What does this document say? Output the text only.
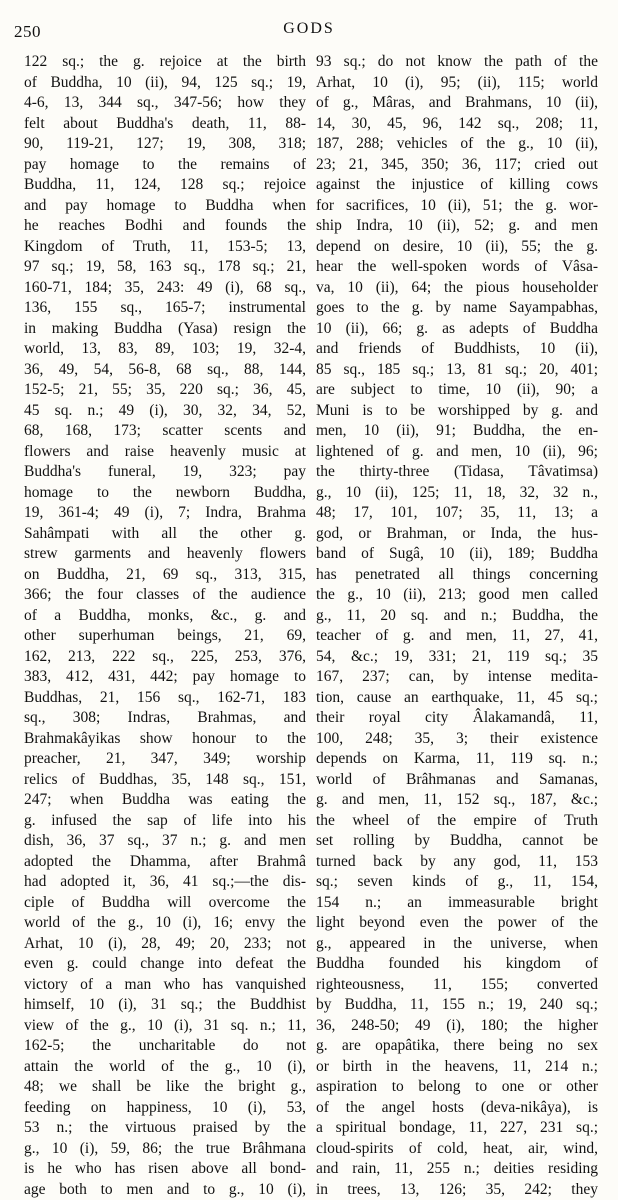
250	GODS
122 sq.; the g. rejoice at the birth
of Buddha, 10 (ii), 94, 125 sq.; 19,
4-6, 13, 344 sq., 347-56; how they
felt about Buddha's death, 11, 88-
90, 119-21, 127; 19, 308, 318;
pay homage to the remains of
Buddha, 11, 124, 128 sq.; rejoice
and pay homage to Buddha when
he reaches Bodhi and founds the
Kingdom of Truth, 11, 153-5; 13,
97 sq.; 19, 58, 163 sq., 178 sq.; 21,
160-71, 184; 35, 243: 49 (i), 68 sq.,
136, 155 sq., 165-7; instrumental
in making Buddha (Yasa) resign the
world, 13, 83, 89, 103; 19, 32-4,
36, 49, 54, 56-8, 68 sq., 88, 144,
152-5; 21, 55; 35, 220 sq.; 36, 45,
45 sq. n.; 49 (i), 30, 32, 34, 52,
68, 168, 173; scatter scents and
flowers and raise heavenly music at
Buddha's funeral, 19, 323; pay
homage to the newborn Buddha,
19, 361-4; 49 (i), 7; Indra, Brahma
Sahâmpati with all the other g.
strew garments and heavenly flowers
on Buddha, 21, 69 sq., 313, 315,
366; the four classes of the audience
of a Buddha, monks, &c., g. and
other superhuman beings, 21, 69,
162, 213, 222 sq., 225, 253, 376,
383, 412, 431, 442; pay homage to
Buddhas, 21, 156 sq., 162-71, 183
sq., 308; Indras, Brahmas, and
Brahmakâyikas show honour to the
preacher, 21, 347, 349; worship
relics of Buddhas, 35, 148 sq., 151,
247; when Buddha was eating the
g. infused the sap of life into his
dish, 36, 37 sq., 37 n.; g. and men
adopted the Dhamma, after Brahmâ
had adopted it, 36, 41 sq.;—the dis-
ciple of Buddha will overcome the
world of the g., 10 (i), 16; envy the
Arhat, 10 (i), 28, 49; 20, 233; not
even g. could change into defeat the
victory of a man who has vanquished
himself, 10 (i), 31 sq.; the Buddhist
view of the g., 10 (i), 31 sq. n.; 11,
162-5; the uncharitable do not
attain the world of the g., 10 (i),
48; we shall be like the bright g.,
feeding on happiness, 10 (i), 53,
53 n.; the virtuous praised by the
g., 10 (i), 59, 86; the true Brâhmana
is he who has risen above all bond-
age both to men and to g., 10 (i),
93 sq.; do not know the path of the
Arhat, 10 (i), 95; (ii), 115; world
of g., Mâras, and Brahmans, 10 (ii),
14, 30, 45, 96, 142 sq., 208; 11,
187, 288; vehicles of the g., 10 (ii),
23; 21, 345, 350; 36, 117; cried out
against the injustice of killing cows
for sacrifices, 10 (ii), 51; the g. wor-
ship Indra, 10 (ii), 52; g. and men
depend on desire, 10 (ii), 55; the g.
hear the well-spoken words of Vâsa-
va, 10 (ii), 64; the pious householder
goes to the g. by name Sayampabhas,
10 (ii), 66; g. as adepts of Buddha
and friends of Buddhists, 10 (ii),
85 sq., 185 sq.; 13, 81 sq.; 20, 401;
are subject to time, 10 (ii), 90; a
Muni is to be worshipped by g. and
men, 10 (ii), 91; Buddha, the en-
lightened of g. and men, 10 (ii), 96;
the thirty-three (Tidasa, Tâvatimsa)
g., 10 (ii), 125; 11, 18, 32, 32 n.,
48; 17, 101, 107; 35, 11, 13; a
god, or Brahman, or Inda, the hus-
band of Sugâ, 10 (ii), 189; Buddha
has penetrated all things concerning
the g., 10 (ii), 213; good men called
g., 11, 20 sq. and n.; Buddha, the
teacher of g. and men, 11, 27, 41,
54, &c.; 19, 331; 21, 119 sq.; 35
167, 237; can, by intense medita-
tion, cause an earthquake, 11, 45 sq.;
their royal city Âlakamandâ, 11,
100, 248; 35, 3; their existence
depends on Karma, 11, 119 sq. n.;
world of Brâhmanas and Samanas,
g. and men, 11, 152 sq., 187, &c.;
the wheel of the empire of Truth
set rolling by Buddha, cannot be
turned back by any god, 11, 153
sq.; seven kinds of g., 11, 154,
154 n.; an immeasurable bright
light beyond even the power of the
g., appeared in the universe, when
Buddha founded his kingdom of
righteousness, 11, 155; converted
by Buddha, 11, 155 n.; 19, 240 sq.;
36, 248-50; 49 (i), 180; the higher
g. are opapâtika, there being no sex
or birth in the heavens, 11, 214 n.;
aspiration to belong to one or other
of the angel hosts (deva-nikâya), is
a spiritual bondage, 11, 227, 231 sq.;
cloud-spirits of cold, heat, air, wind,
and rain, 11, 255 n.; deities residing
in trees, 13, 126; 35, 242; they
